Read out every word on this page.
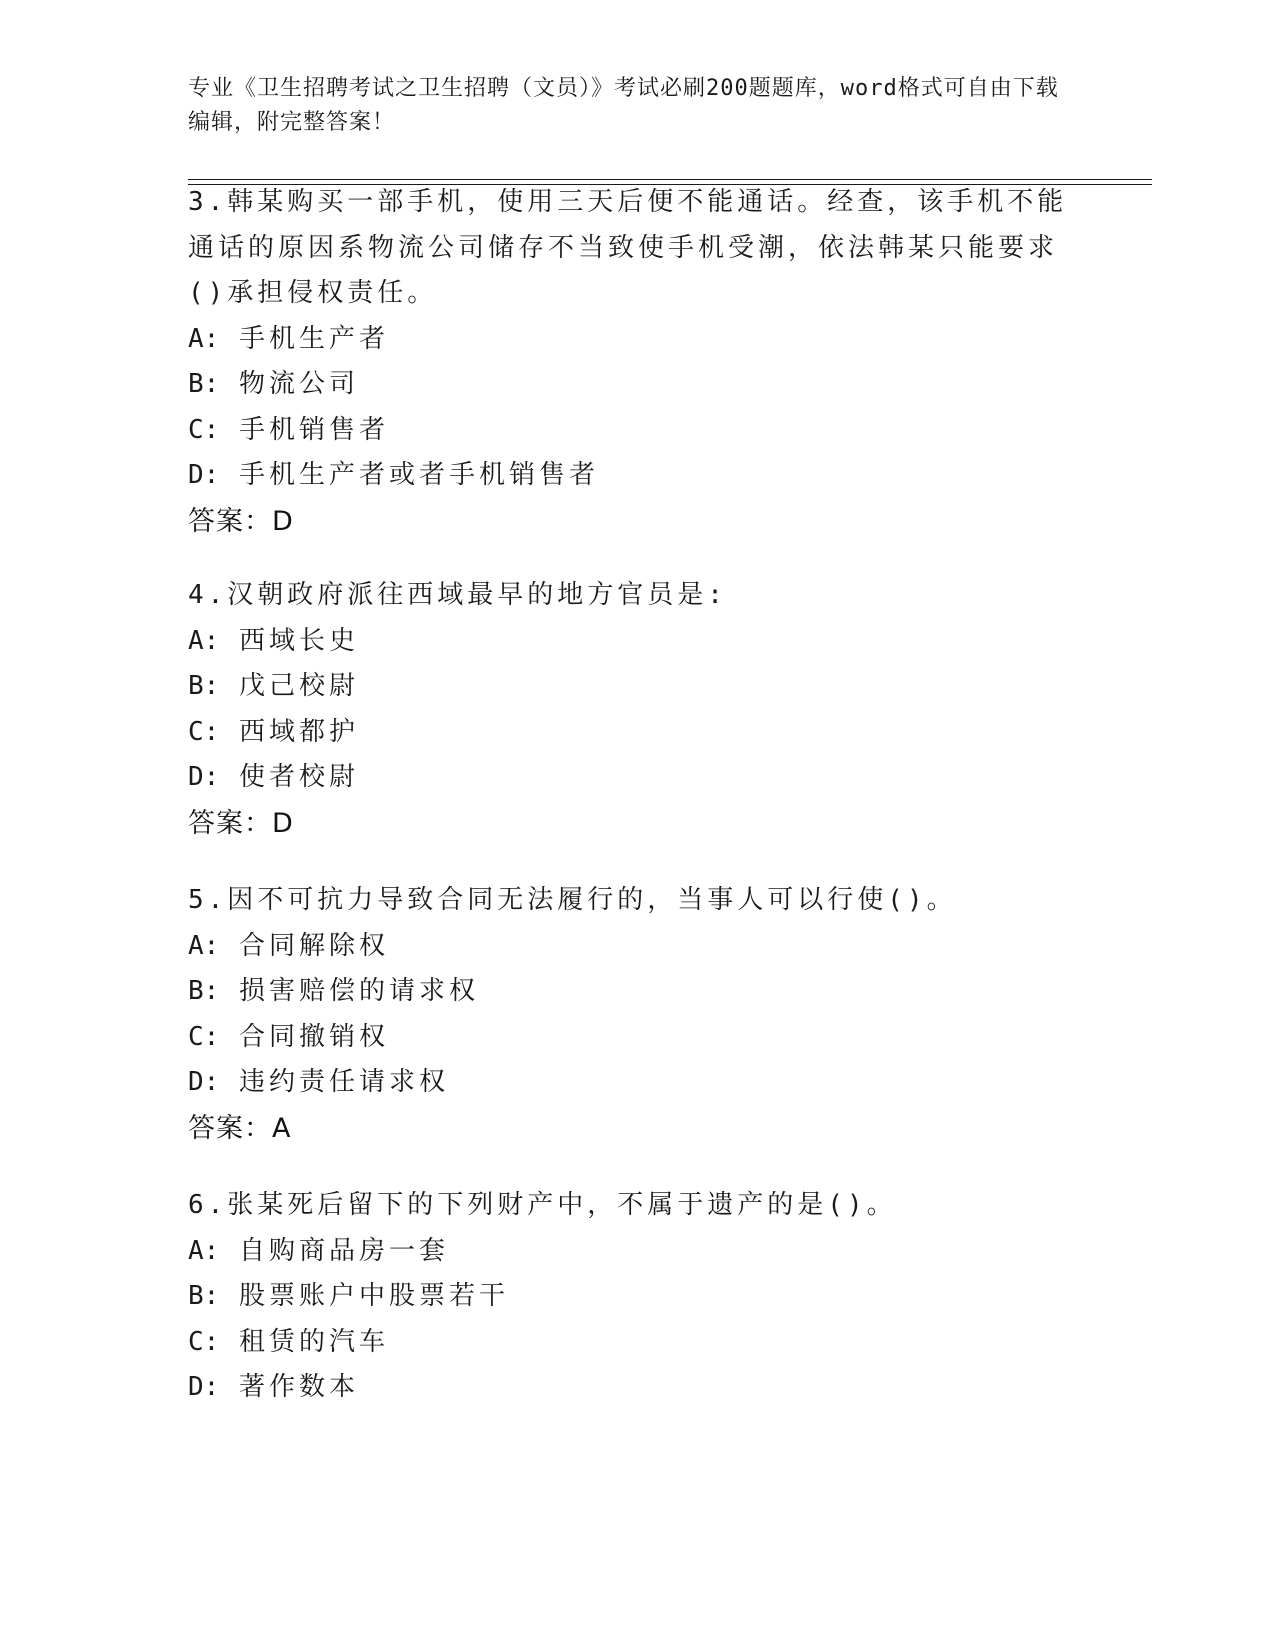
专业《卫生招聘考试之卫生招聘（文员）》考试必刷200题题库，word格式可自由下载编辑，附完整答案！

3.韩某购买一部手机，使用三天后便不能通话。经查，该手机不能通话的原因系物流公司储存不当致使手机受潮，依法韩某只能要求()承担侵权责任。

A: 手机生产者

B: 物流公司

C: 手机销售者

D: 手机生产者或者手机销售者

答案：D

4.汉朝政府派往西域最早的地方官员是:

A: 西域长史

B: 戊己校尉

C: 西域都护

D: 使者校尉

答案：D

5.因不可抗力导致合同无法履行的，当事人可以行使()。

A: 合同解除权

B: 损害赔偿的请求权

C: 合同撤销权

D: 违约责任请求权

答案：A

6.张某死后留下的下列财产中，不属于遗产的是()。

A: 自购商品房一套

B: 股票账户中股票若干

C: 租赁的汽车

D: 著作数本
